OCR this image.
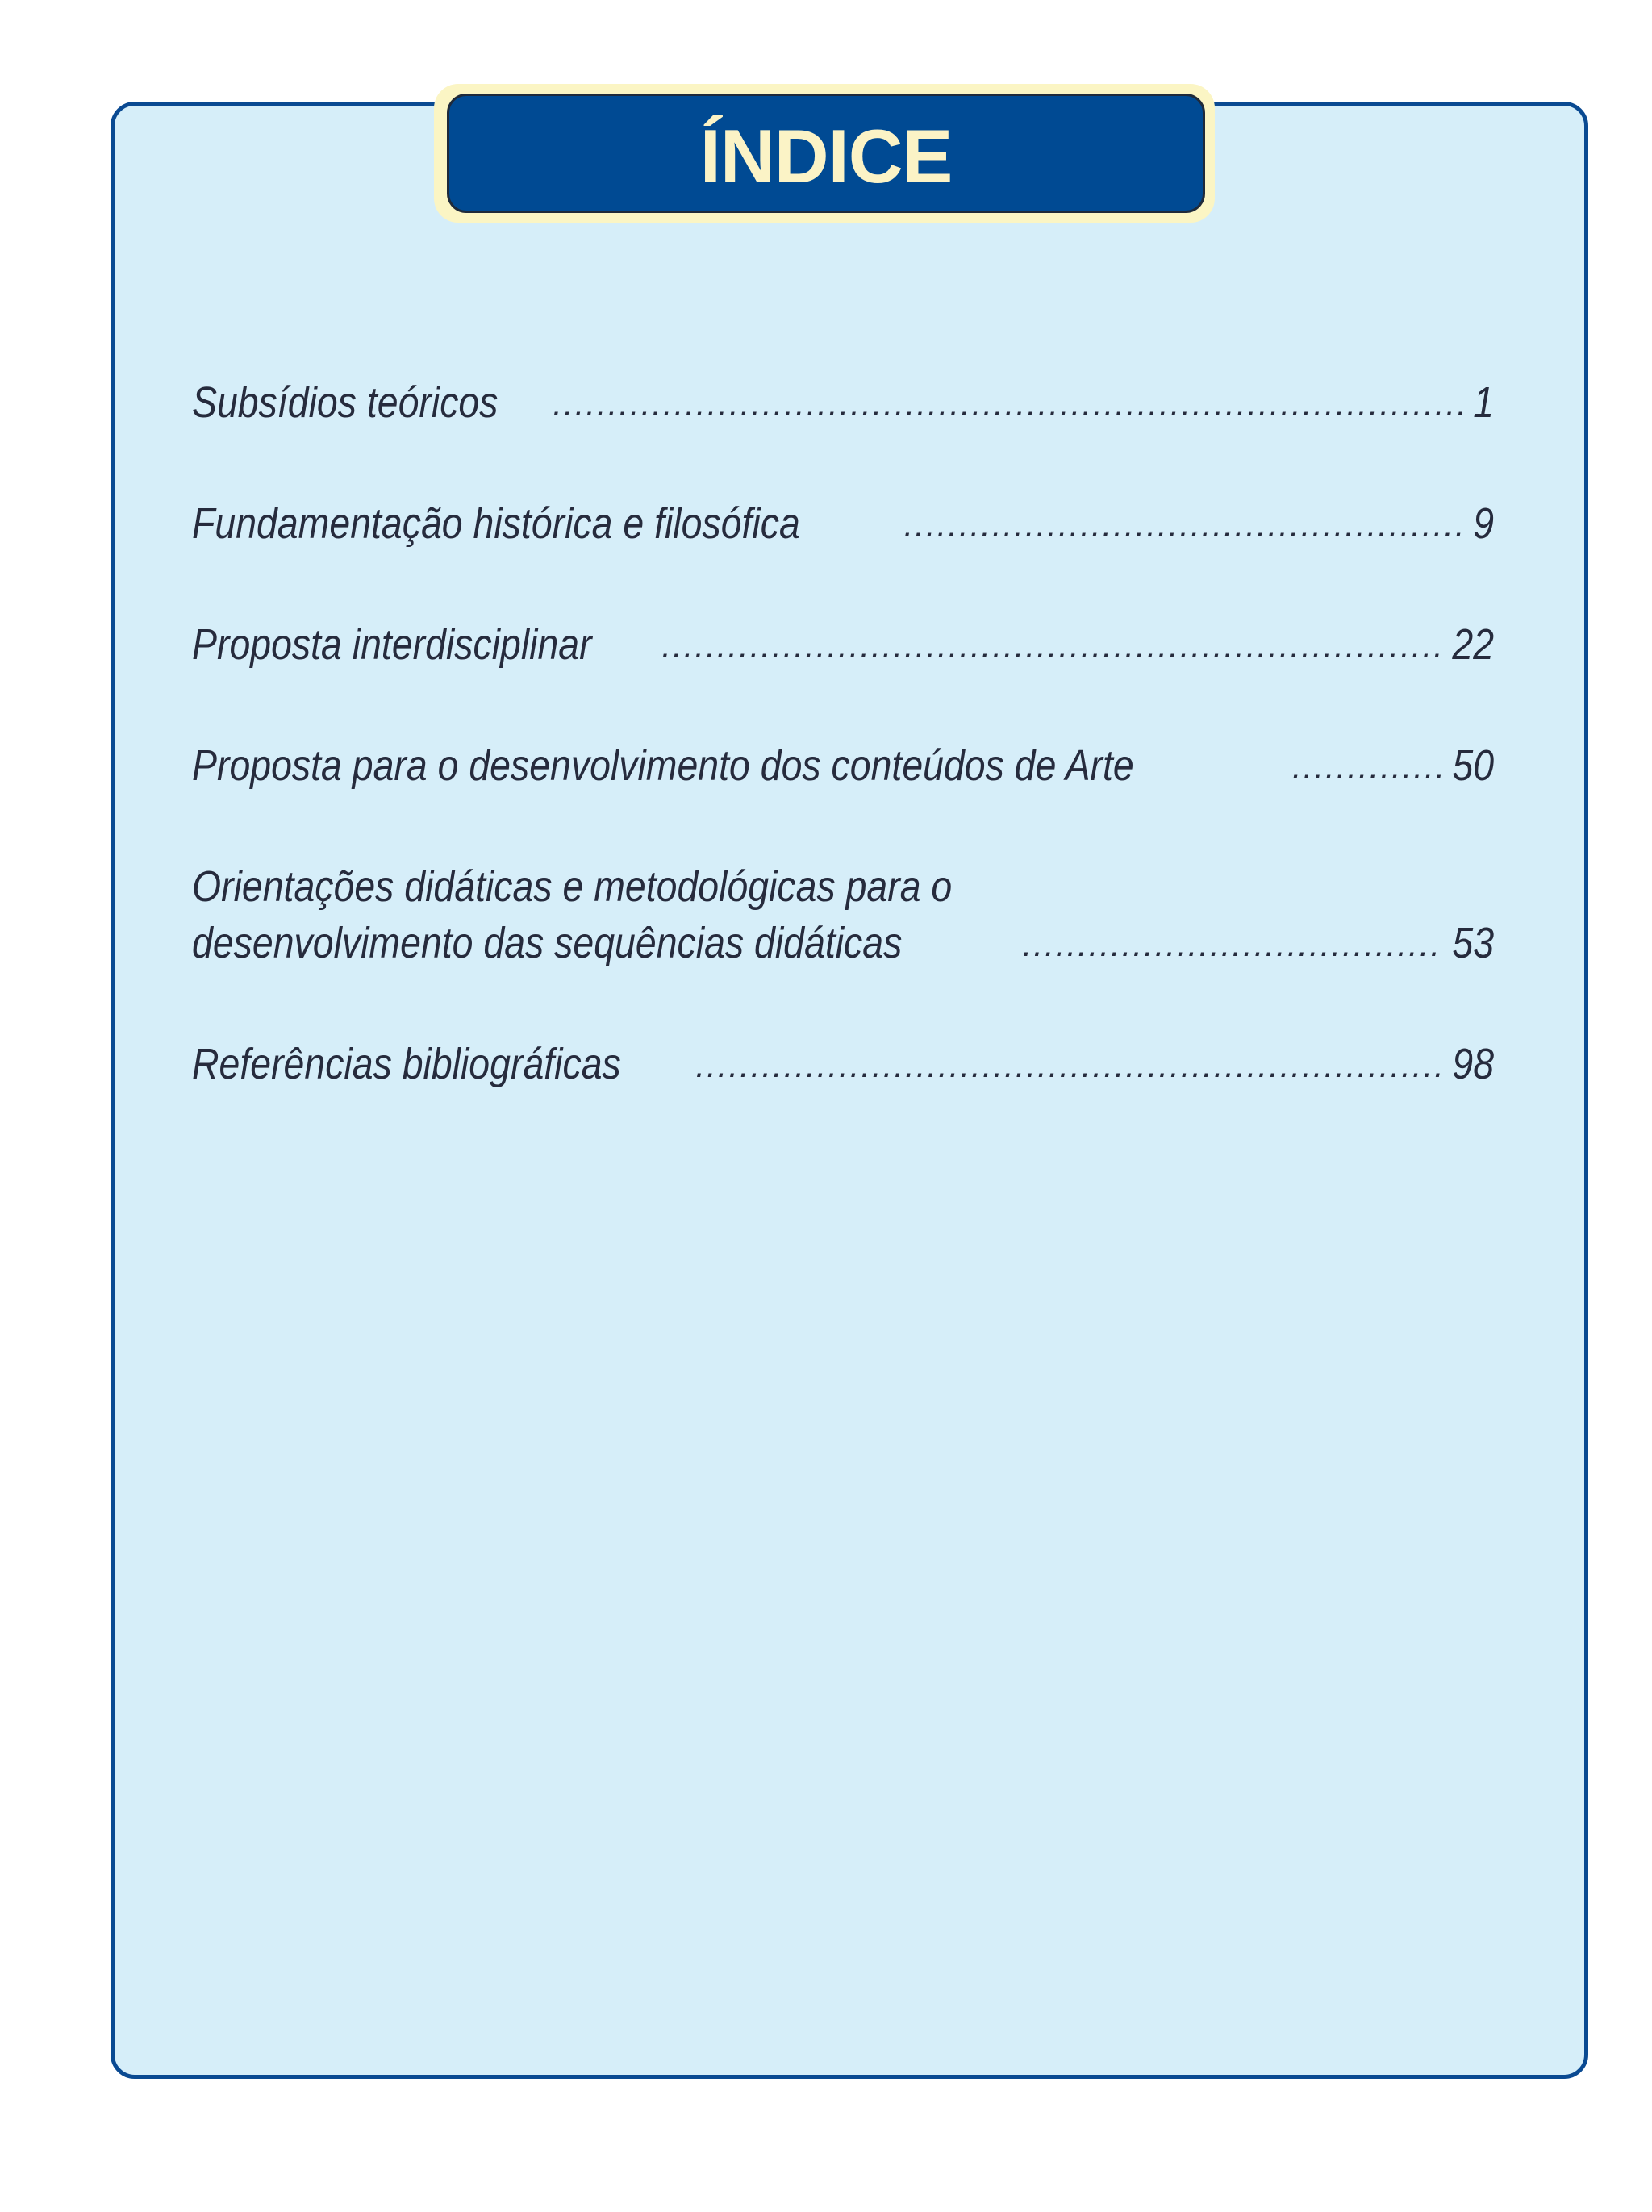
ÍNDICE
Subsídios teóricos .....	1
Fundamentação histórica e filosófica .....	9
Proposta interdisciplinar .....	22
Proposta para o desenvolvimento dos conteúdos de Arte .....	50
Orientações didáticas e metodológicas para o
desenvolvimento das sequências didáticas .....	53
Referências bibliográficas .....	98
